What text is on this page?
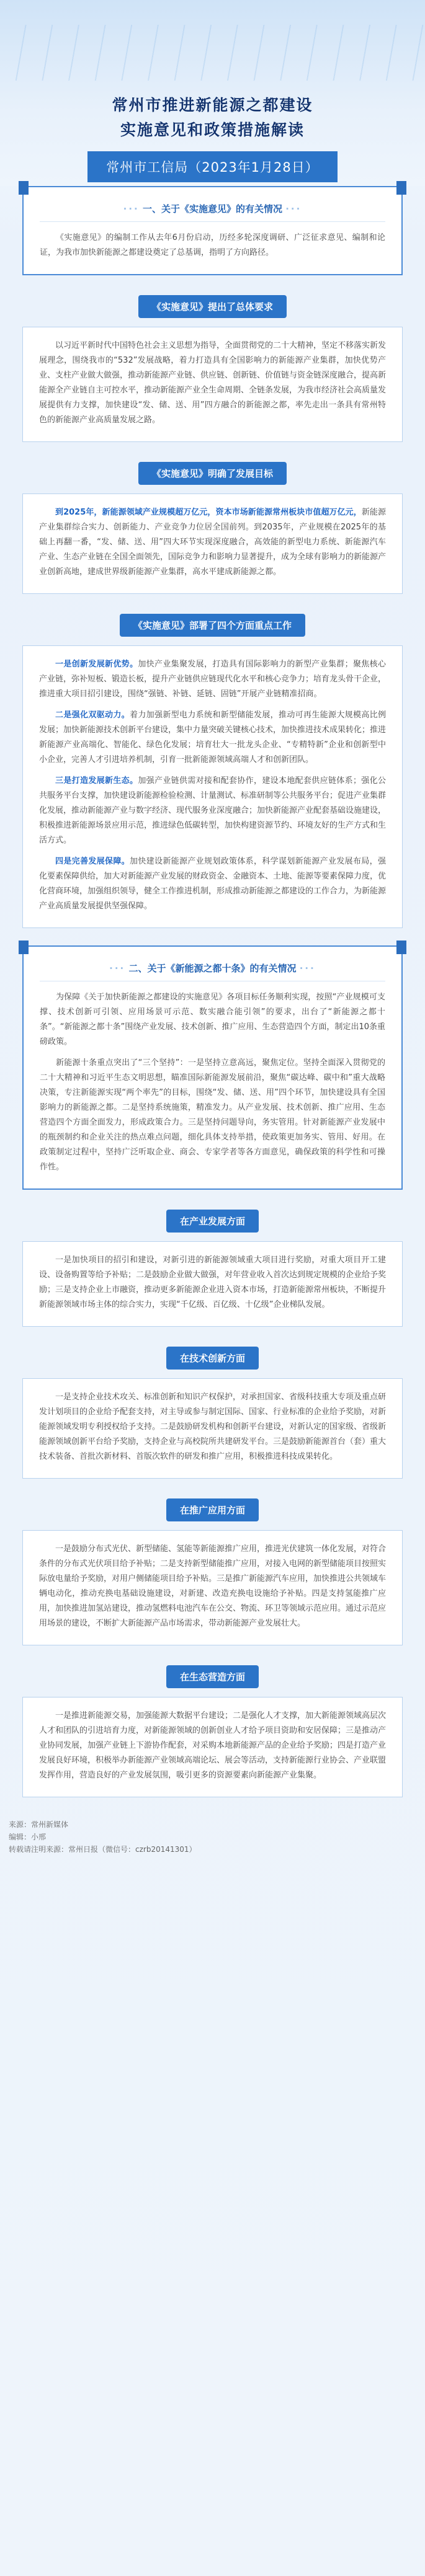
常州市推进新能源之都建设
实施意见和政策措施解读
常州市工信局（2023年1月28日）
··· 一、关于《实施意见》的有关情况 ···

《实施意见》的编制工作从去年6月份启动，历经多轮深度调研、广泛征求意见、编制和论证，为我市加快新能源之都建设奠定了总基调，指明了方向路径。

《实施意见》提出了总体要求

以习近平新时代中国特色社会主义思想为指导，全面贯彻党的二十大精神，坚定不移落实新发展理念，围绕我市的“532”发展战略，着力打造具有全国影响力的新能源产业集群，加快优势产业、支柱产业做大做强，推动新能源产业链、供应链、创新链、价值链与资金链深度融合，提高新能源全产业链自主可控水平，推动新能源产业全生命周期、全链条发展，为我市经济社会高质量发展提供有力支撑，加快建设“发、储、送、用”四方融合的新能源之都，率先走出一条具有常州特色的新能源产业高质量发展之路。

《实施意见》明确了发展目标

到2025年，新能源领域产业规模超万亿元，资本市场新能源常州板块市值超万亿元，新能源产业集群综合实力、创新能力、产业竞争力位居全国前列。到2035年，产业规模在2025年的基础上再翻一番，“发、储、送、用”四大环节实现深度融合，高效能的新型电力系统、新能源汽车产业、生态产业链在全国全面领先，国际竞争力和影响力显著提升，成为全球有影响力的新能源产业创新高地，建成世界级新能源产业集群，高水平建成新能源之都。

《实施意见》部署了四个方面重点工作

一是创新发展新优势。加快产业集聚发展，打造具有国际影响力的新型产业集群；聚焦核心产业链，弥补短板、锻造长板，提升产业链供应链现代化水平和核心竞争力；培育龙头骨干企业，推进重大项目招引建设，围绕“强链、补链、延链、固链”开展产业链精准招商。

二是强化双驱动力。着力加强新型电力系统和新型储能发展，推动可再生能源大规模高比例发展；加快新能源技术创新平台建设，集中力量突破关键核心技术，加快推进技术成果转化；推进新能源产业高端化、智能化、绿色化发展；培育壮大一批龙头企业、“专精特新”企业和创新型中小企业，完善人才引进培养机制，引育一批新能源领域高端人才和创新团队。

三是打造发展新生态。加强产业链供需对接和配套协作，建设本地配套供应链体系；强化公共服务平台支撑，加快建设新能源检验检测、计量测试、标准研制等公共服务平台；促进产业集群化发展，推动新能源产业与数字经济、现代服务业深度融合；加快新能源产业配套基础设施建设，积极推进新能源场景应用示范，推进绿色低碳转型，加快构建资源节约、环境友好的生产方式和生活方式。

四是完善发展保障。加快建设新能源产业规划政策体系，科学谋划新能源产业发展布局，强化要素保障供给，加大对新能源产业发展的财政资金、金融资本、土地、能源等要素保障力度，优化营商环境，加强组织领导，健全工作推进机制，形成推动新能源之都建设的工作合力，为新能源产业高质量发展提供坚强保障。

··· 二、关于《新能源之都十条》的有关情况 ···

为保障《关于加快新能源之都建设的实施意见》各项目标任务顺利实现，按照“产业规模可支撑、技术创新可引领、应用场景可示范、数实融合能引领”的要求，出台了“新能源之都十条”。“新能源之都十条”围绕产业发展、技术创新、推广应用、生态营造四个方面，制定出10条重磅政策。

新能源十条重点突出了“三个坚持”：一是坚持立意高远，聚焦定位。坚持全面深入贯彻党的二十大精神和习近平生态文明思想，瞄准国际新能源发展前沿，聚焦“碳达峰、碳中和”重大战略决策，专注新能源实现“两个率先”的目标，围绕“发、储、送、用”四个环节，加快建设具有全国影响力的新能源之都。二是坚持系统施策，精准发力。从产业发展、技术创新、推广应用、生态营造四个方面全面发力，形成政策合力。三是坚持问题导向，务实管用。针对新能源产业发展中的瓶颈制约和企业关注的热点难点问题，细化具体支持举措，使政策更加务实、管用、好用。在政策制定过程中，坚持广泛听取企业、商会、专家学者等各方面意见，确保政策的科学性和可操作性。

在产业发展方面

一是加快项目的招引和建设，对新引进的新能源领域重大项目进行奖励，对重大项目开工建设、设备购置等给予补贴；二是鼓励企业做大做强，对年营业收入首次达到规定规模的企业给予奖励；三是支持企业上市融资，推动更多新能源企业进入资本市场，打造新能源常州板块，不断提升新能源领域市场主体的综合实力，实现“千亿级、百亿级、十亿级”企业梯队发展。

在技术创新方面

一是支持企业技术攻关、标准创新和知识产权保护，对承担国家、省级科技重大专项及重点研发计划项目的企业给予配套支持，对主导或参与制定国际、国家、行业标准的企业给予奖励，对新能源领域发明专利授权给予支持。二是鼓励研发机构和创新平台建设，对新认定的国家级、省级新能源领域创新平台给予奖励，支持企业与高校院所共建研发平台。三是鼓励新能源首台（套）重大技术装备、首批次新材料、首版次软件的研发和推广应用，积极推进科技成果转化。

在推广应用方面

一是鼓励分布式光伏、新型储能、氢能等新能源推广应用，推进光伏建筑一体化发展，对符合条件的分布式光伏项目给予补贴；二是支持新型储能推广应用，对接入电网的新型储能项目按照实际放电量给予奖励，对用户侧储能项目给予补贴。三是推广新能源汽车应用，加快推进公共领域车辆电动化，推动充换电基础设施建设，对新建、改造充换电设施给予补贴。四是支持氢能推广应用，加快推进加氢站建设，推动氢燃料电池汽车在公交、物流、环卫等领域示范应用。通过示范应用场景的建设，不断扩大新能源产品市场需求，带动新能源产业发展壮大。

在生态营造方面

一是推进新能源交易，加强能源大数据平台建设；二是强化人才支撑，加大新能源领域高层次人才和团队的引进培育力度，对新能源领域的创新创业人才给予项目资助和安居保障；三是推动产业协同发展，加强产业链上下游协作配套，对采购本地新能源产品的企业给予奖励；四是打造产业发展良好环境，积极举办新能源产业领域高端论坛、展会等活动，支持新能源行业协会、产业联盟发挥作用，营造良好的产业发展氛围，吸引更多的资源要素向新能源产业集聚。

来源：常州新媒体
编辑：小邢
转载请注明来源：常州日报（微信号：czrb20141301）
